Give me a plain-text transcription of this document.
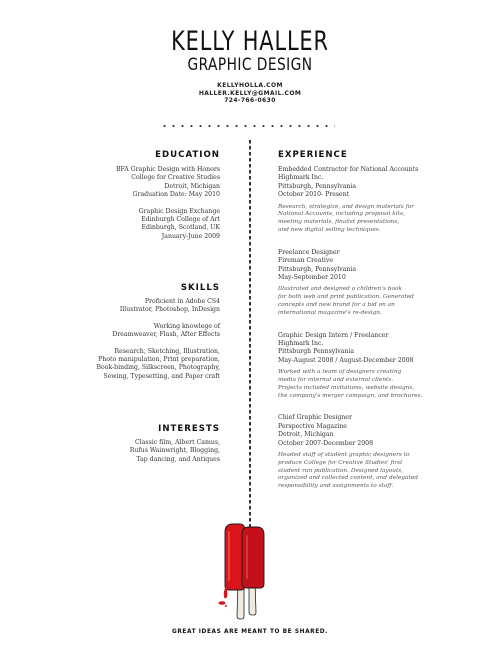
KELLY HALLER
GRAPHIC DESIGN
KELLYHOLLA.COM
HALLER.KELLY@GMAIL.COM
724-766-0630
EDUCATION
BFA Graphic Design with Honors
College for Creative Studies
Detroit, Michigan
Graduation Date: May 2010
Graphic Design Exchange
Edinburgh College of Art
Edinburgh, Scotland, UK
January-June 2009
SKILLS
Proficient in Adobe CS4
Illustrator, Photoshop, InDesign
Working knowlege of
Dreamweaver, Flash, After Effects
Research, Sketching, Illustration,
Photo manipulation, Print preparation,
Book-binding, Silkscreen, Photography,
Sewing, Typesetting, and Paper craft
INTERESTS
Classic film, Albert Camus,
Rufus Wainwright, Blogging,
Tap dancing, and Antiques
EXPERIENCE
Embedded Contractor for National Accounts
Highmark Inc.
Pittsburgh, Pennsylvania
October 2010- Present
Research, strategize, and design materials for
National Accounts, including proposal kits,
meeting materials, finalist presentations,
and new digital selling techniques.
Freelance Designer
Fireman Creative
Pittsburgh, Pennsylvania
May-September 2010
Illustrated and designed a children's book
for both web and print publication. Generated
concepts and new brand for a bid on an
international magazine's re-design.
Graphic Design Intern / Freelancer
Highmark Inc.
Pittsburgh Pennsylvania
May-August 2008 / August-December 2008
Worked with a team of designers creating
media for internal and external clients.
Projects included invitations, website designs,
the company's merger campaign, and brochures.
Chief Graphic Designer
Perspective Magazine
Detroit, Michigan
October 2007-December 2008
Headed staff of student graphic designers to
produce College for Creative Studies' first
student run publication. Designed layouts,
organized and collected content, and delegated
responsibility and assignments to staff.
GREAT IDEAS ARE MEANT TO BE SHARED.
